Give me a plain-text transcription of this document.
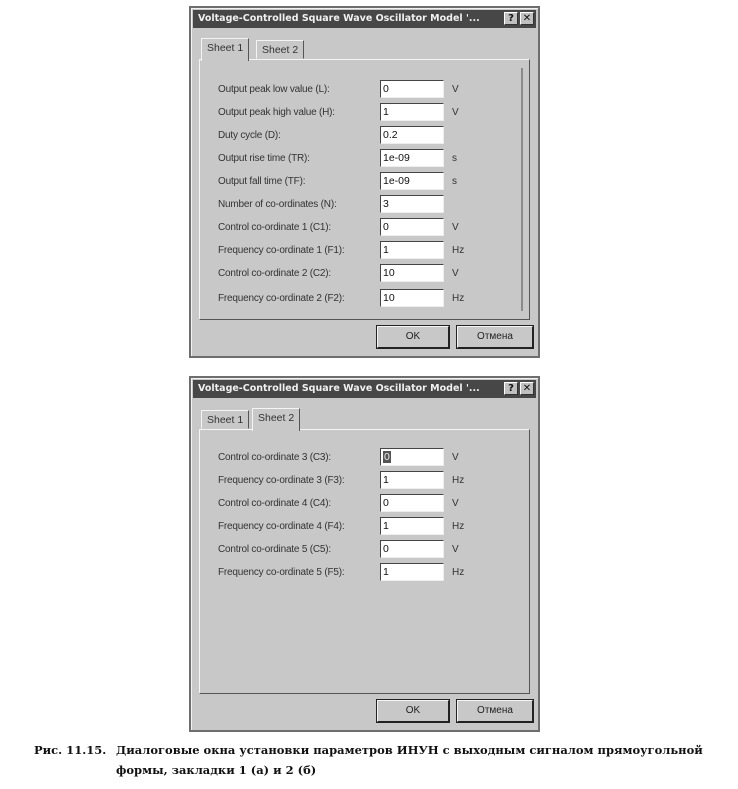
Voltage-Controlled Square Wave Oscillator Model '...	? ✕
Sheet 1	Sheet 2
Output peak low value (L):	0	V
Output peak high value (H):	1	V
Duty cycle (D):	0.2
Output rise time (TR):	1e-09	s
Output fall time (TF):	1e-09	s
Number of co-ordinates (N):	3
Control co-ordinate 1 (C1):	0	V
Frequency co-ordinate 1 (F1):	1	Hz
Control co-ordinate 2 (C2):	10	V
Frequency co-ordinate 2 (F2):	10	Hz
OK	Отмена
Voltage-Controlled Square Wave Oscillator Model '...	? ✕
Sheet 1	Sheet 2
Control co-ordinate 3 (C3):	0	V
Frequency co-ordinate 3 (F3):	1	Hz
Control co-ordinate 4 (C4):	0	V
Frequency co-ordinate 4 (F4):	1	Hz
Control co-ordinate 5 (C5):	0	V
Frequency co-ordinate 5 (F5):	1	Hz
OK	Отмена
Рис. 11.15. Диалоговые окна установки параметров ИНУН с выходным сигналом прямоугольной формы, закладки 1 (а) и 2 (б)
